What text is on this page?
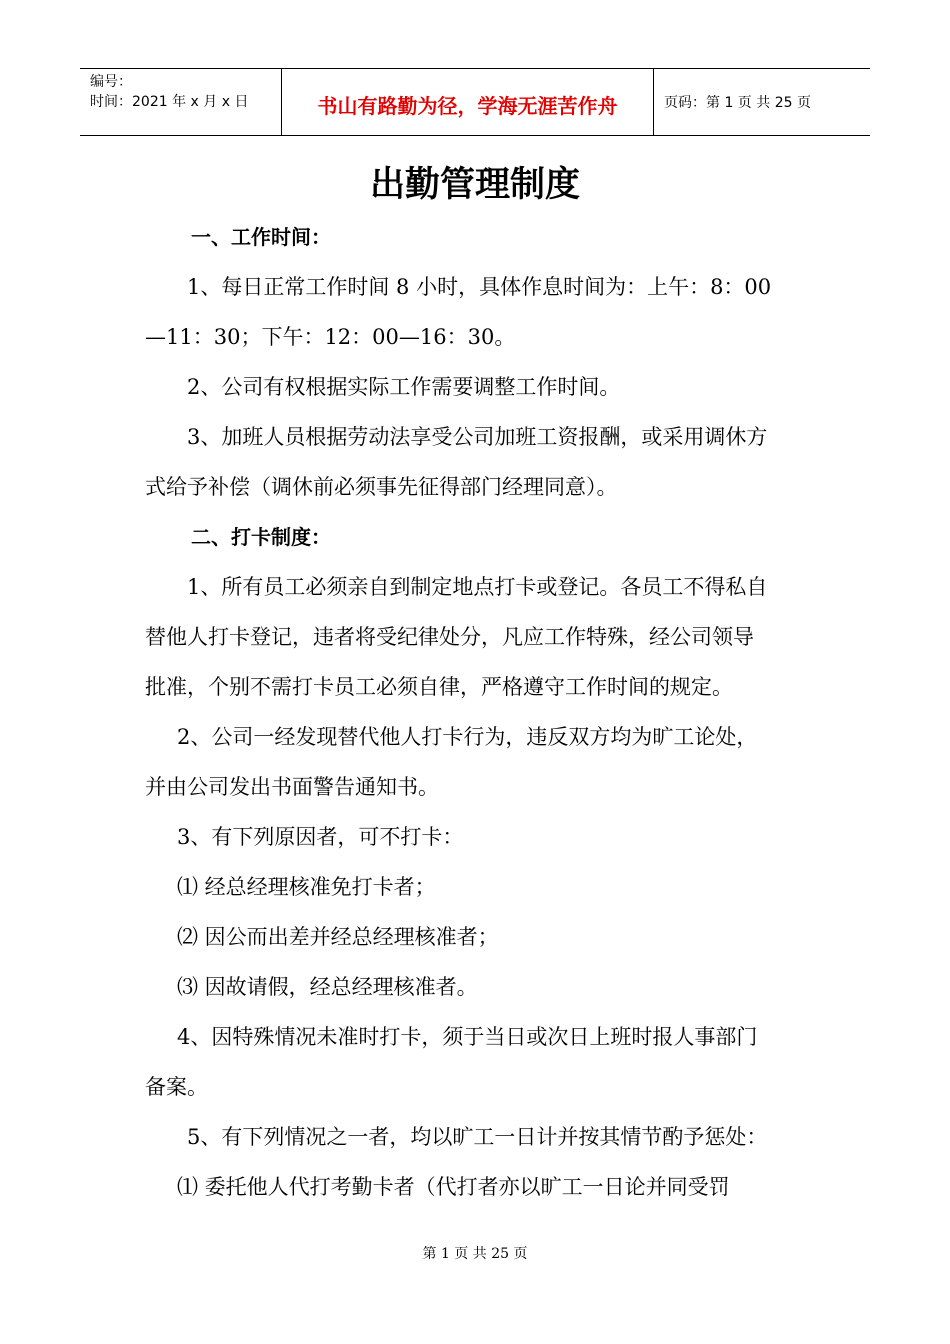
编号：
时间：2021 年 x 月 x 日	书山有路勤为径，学海无涯苦作舟	页码：第 1 页 共 25 页
出勤管理制度
一、工作时间：
1、每日正常工作时间 8 小时，具体作息时间为：上午：8：00
—11：30；下午：12：00—16：30。
2、公司有权根据实际工作需要调整工作时间。
3、加班人员根据劳动法享受公司加班工资报酬，或采用调休方
式给予补偿（调休前必须事先征得部门经理同意）。
二、打卡制度：
1、所有员工必须亲自到制定地点打卡或登记。各员工不得私自
替他人打卡登记，违者将受纪律处分，凡应工作特殊，经公司领导
批准，个别不需打卡员工必须自律，严格遵守工作时间的规定。
2、公司一经发现替代他人打卡行为，违反双方均为旷工论处，
并由公司发出书面警告通知书。
3、有下列原因者，可不打卡：
⑴ 经总经理核准免打卡者；
⑵ 因公而出差并经总经理核准者；
⑶ 因故请假，经总经理核准者。
4、因特殊情况未准时打卡，须于当日或次日上班时报人事部门
备案。
5、有下列情况之一者，均以旷工一日计并按其情节酌予惩处：
⑴ 委托他人代打考勤卡者（代打者亦以旷工一日论并同受罚
第 1 页 共 25 页
